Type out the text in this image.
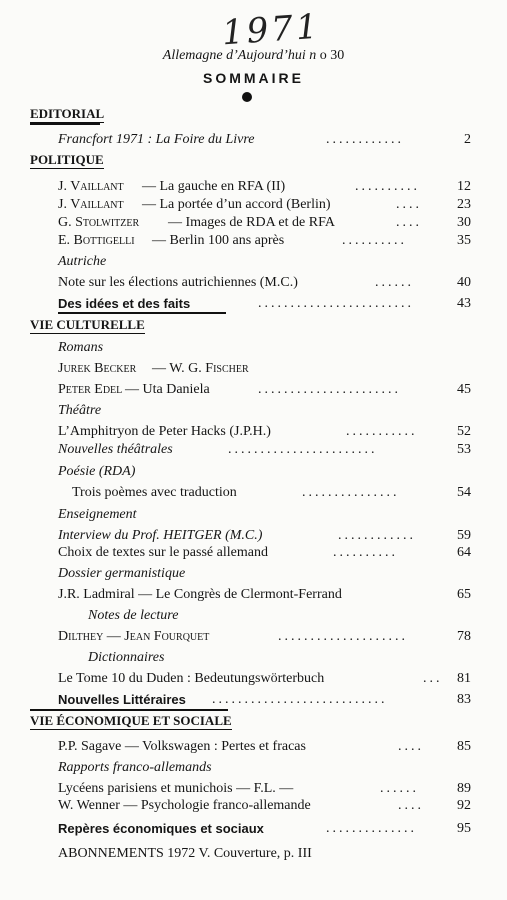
1971
Allemagne d’Aujourd’hui n o 30
SOMMAIRE
EDITORIAL
Francfort 1971 : La Foire du Livre	............	2
POLITIQUE
J. Vaillant — La gauche en RFA (II)	..........	12
J. Vaillant — La portée d’un accord (Berlin)	....	23
G. Stolwitzer — Images de RDA et de RFA	....	30
E. Bottigelli — Berlin 100 ans après	..........	35
Autriche
Note sur les élections autrichiennes (M.C.)	......	40
Des idées et des faits	........................	43
VIE CULTURELLE
Romans
Jurek Becker — W. G. Fischer
Peter Edel — Uta Daniela	......................	45
Théâtre
L’Amphitryon de Peter Hacks (J.P.H.)	...........	52
Nouvelles théâtrales	.......................	53
Poésie (RDA)
Trois poèmes avec traduction	...............	54
Enseignement
Interview du Prof. HEITGER (M.C.)	............	59
Choix de textes sur le passé allemand	..........	64
Dossier germanistique
J.R. Ladmiral — Le Congrès de Clermont-Ferrand	65
Notes de lecture
Dilthey — Jean Fourquet	....................	78
Dictionnaires
Le Tome 10 du Duden : Bedeutungswörterbuch	... 81
Nouvelles Littéraires ...........................	83
VIE ÉCONOMIQUE ET SOCIALE
P.P. Sagave — Volkswagen : Pertes et fracas	.... 85
Rapports franco-allemands
Lycéens parisiens et munichois — F.L. —	......	89
W. Wenner — Psychologie franco-allemande	.... 92
Repères économiques et sociaux	..............	95
ABONNEMENTS 1972 V. Couverture, p. III
